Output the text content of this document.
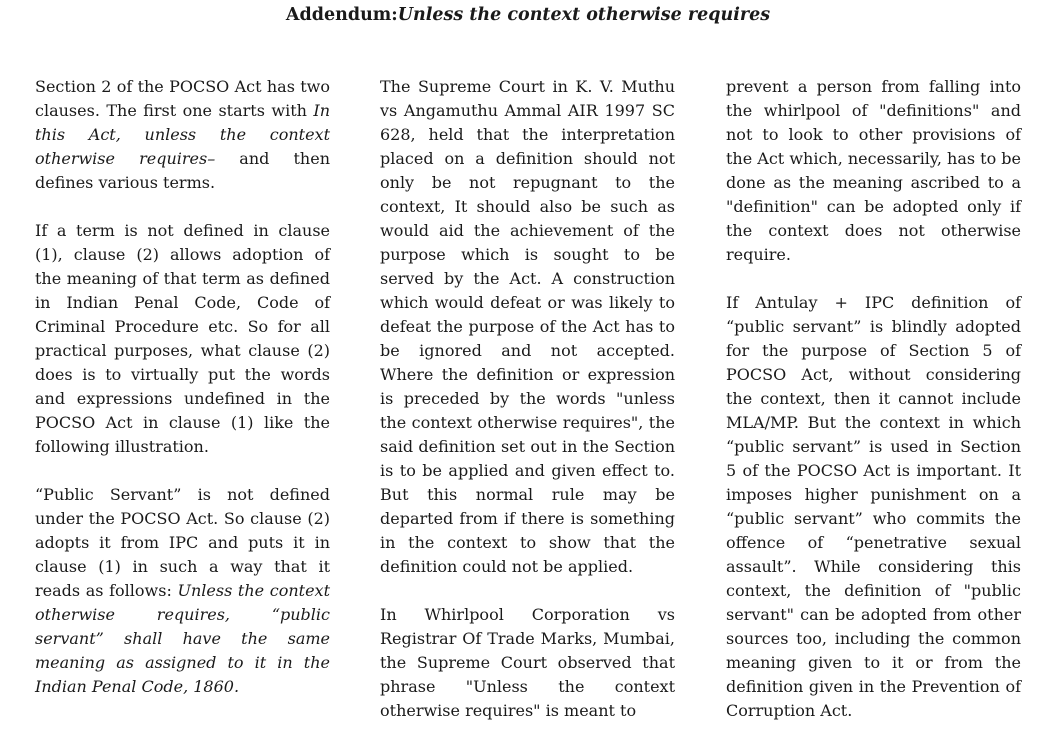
Addendum:Unless the context otherwise requires

Section 2 of the POCSO Act has two clauses. The first one starts with In this Act, unless the context otherwise requires– and then defines various terms.

If a term is not defined in clause (1), clause (2) allows adoption of the meaning of that term as defined in Indian Penal Code, Code of Criminal Procedure etc. So for all practical purposes, what clause (2) does is to virtually put the words and expressions undefined in the POCSO Act in clause (1) like the following illustration.

“Public Servant” is not defined under the POCSO Act. So clause (2) adopts it from IPC and puts it in clause (1) in such a way that it reads as follows: Unless the context otherwise requires, “public servant” shall have the same meaning as assigned to it in the Indian Penal Code, 1860.

The Supreme Court in K. V. Muthu vs Angamuthu Ammal AIR 1997 SC 628, held that the interpretation placed on a definition should not only be not repugnant to the context, It should also be such as would aid the achievement of the purpose which is sought to be served by the Act. A construction which would defeat or was likely to defeat the purpose of the Act has to be ignored and not accepted. Where the definition or expression is preceded by the words "unless the context otherwise requires", the said definition set out in the Section is to be applied and given effect to. But this normal rule may be departed from if there is something in the context to show that the definition could not be applied.

In Whirlpool Corporation vs Registrar Of Trade Marks, Mumbai, the Supreme Court observed that phrase "Unless the context otherwise requires" is meant to

prevent a person from falling into the whirlpool of "definitions" and not to look to other provisions of the Act which, necessarily, has to be done as the meaning ascribed to a "definition" can be adopted only if the context does not otherwise require.

If Antulay + IPC definition of “public servant” is blindly adopted for the purpose of Section 5 of POCSO Act, without considering the context, then it cannot include MLA/MP. But the context in which “public servant” is used in Section 5 of the POCSO Act is important. It imposes higher punishment on a “public servant” who commits the offence of “penetrative sexual assault”. While considering this context, the definition of "public servant" can be adopted from other sources too, including the common meaning given to it or from the definition given in the Prevention of Corruption Act.
